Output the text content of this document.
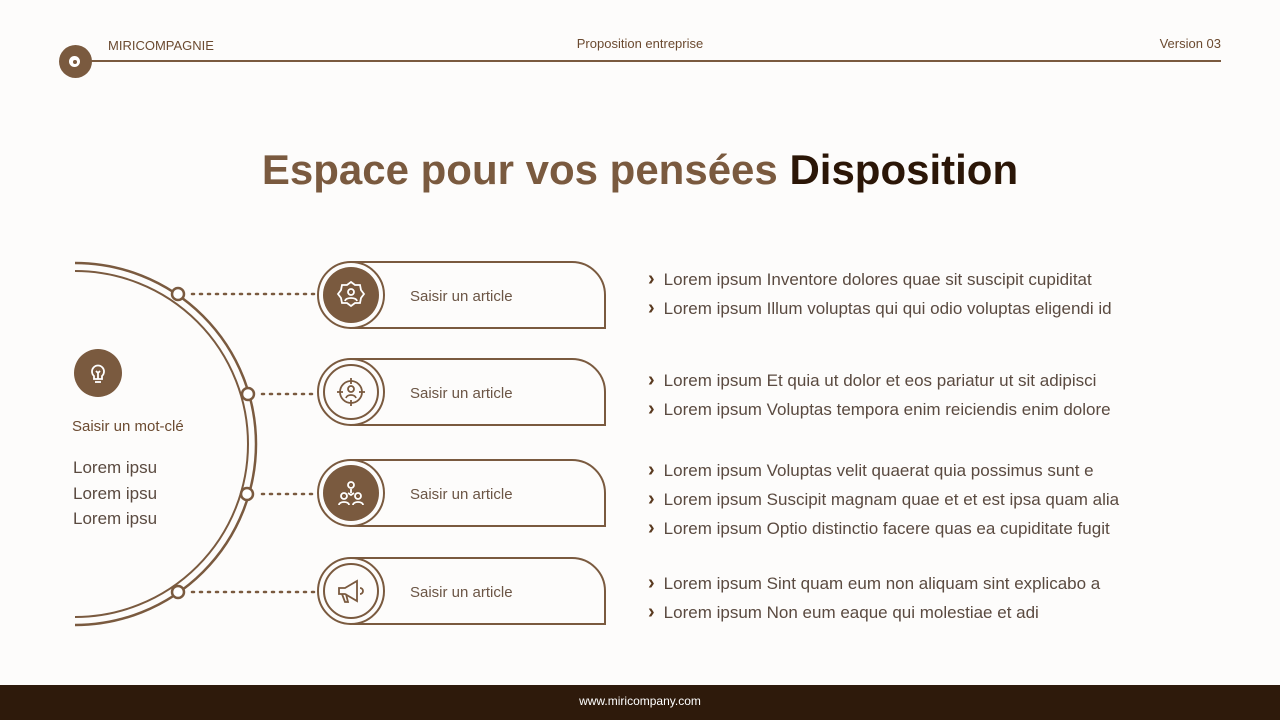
MIRICOMPAGNIE	Proposition entreprise	Version 03
Espace pour vos pensées Disposition
Saisir un mot-clé
Lorem ipsu
Lorem ipsu
Lorem ipsu
Saisir un article
Saisir un article
Saisir un article
Saisir un article
› Lorem ipsum Inventore dolores quae sit suscipit cupiditat
› Lorem ipsum Illum voluptas qui qui odio voluptas eligendi id
› Lorem ipsum Et quia ut dolor et eos pariatur ut sit adipisci
› Lorem ipsum Voluptas tempora enim reiciendis enim dolore
› Lorem ipsum Voluptas velit quaerat quia possimus sunt e
› Lorem ipsum Suscipit magnam quae et et est ipsa quam alia
› Lorem ipsum Optio distinctio facere quas ea cupiditate fugit
› Lorem ipsum Sint quam eum non aliquam sint explicabo a
› Lorem ipsum Non eum eaque qui molestiae et adi
www.miricompany.com
